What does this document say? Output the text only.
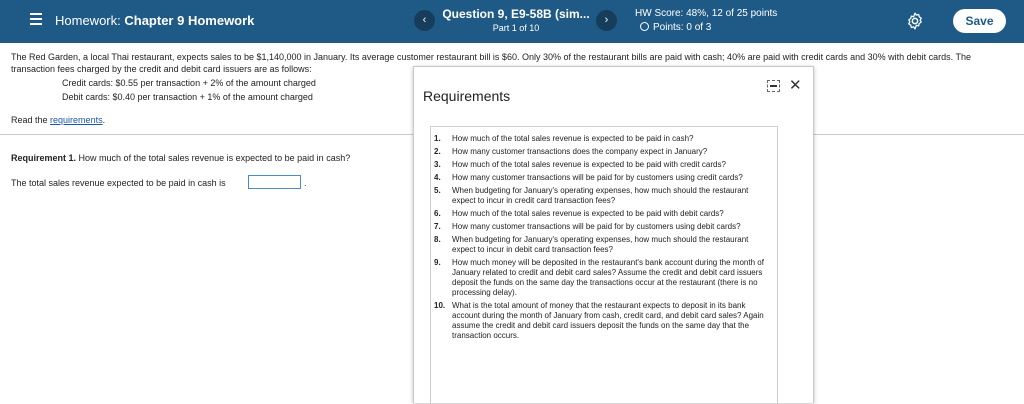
Homework: Chapter 9 Homework	‹	Question 9, E9-58B (sim...
Part 1 of 10
›
HW Score: 48%, 12 of 25 points
Points: 0 of 3	Save
The Red Garden, a local Thai restaurant, expects sales to be $1,140,000 in January. Its average customer restaurant bill is $60. Only 30% of the restaurant bills are paid with cash; 40% are paid with credit cards and 30% with debit cards. The transaction fees charged by the credit and debit card issuers are as follows:
Credit cards: $0.55 per transaction + 2% of the amount charged
Debit cards: $0.40 per transaction + 1% of the amount charged
Read the requirements.
Requirement 1. How much of the total sales revenue is expected to be paid in cash?
The total sales revenue expected to be paid in cash is	.
Requirements
✕
1. How much of the total sales revenue is expected to be paid in cash?
2. How many customer transactions does the company expect in January?
3. How much of the total sales revenue is expected to be paid with credit cards?
4. How many customer transactions will be paid for by customers using credit cards?
5. When budgeting for January's operating expenses, how much should the restaurant expect to incur in credit card transaction fees?
6. How much of the total sales revenue is expected to be paid with debit cards?
7. How many customer transactions will be paid for by customers using debit cards?
8. When budgeting for January's operating expenses, how much should the restaurant expect to incur in debit card transaction fees?
9. How much money will be deposited in the restaurant's bank account during the month of January related to credit and debit card sales? Assume the credit and debit card issuers deposit the funds on the same day the transactions occur at the restaurant (there is no processing delay).
10. What is the total amount of money that the restaurant expects to deposit in its bank account during the month of January from cash, credit card, and debit card sales? Again assume the credit and debit card issuers deposit the funds on the same day that the transaction occurs.
